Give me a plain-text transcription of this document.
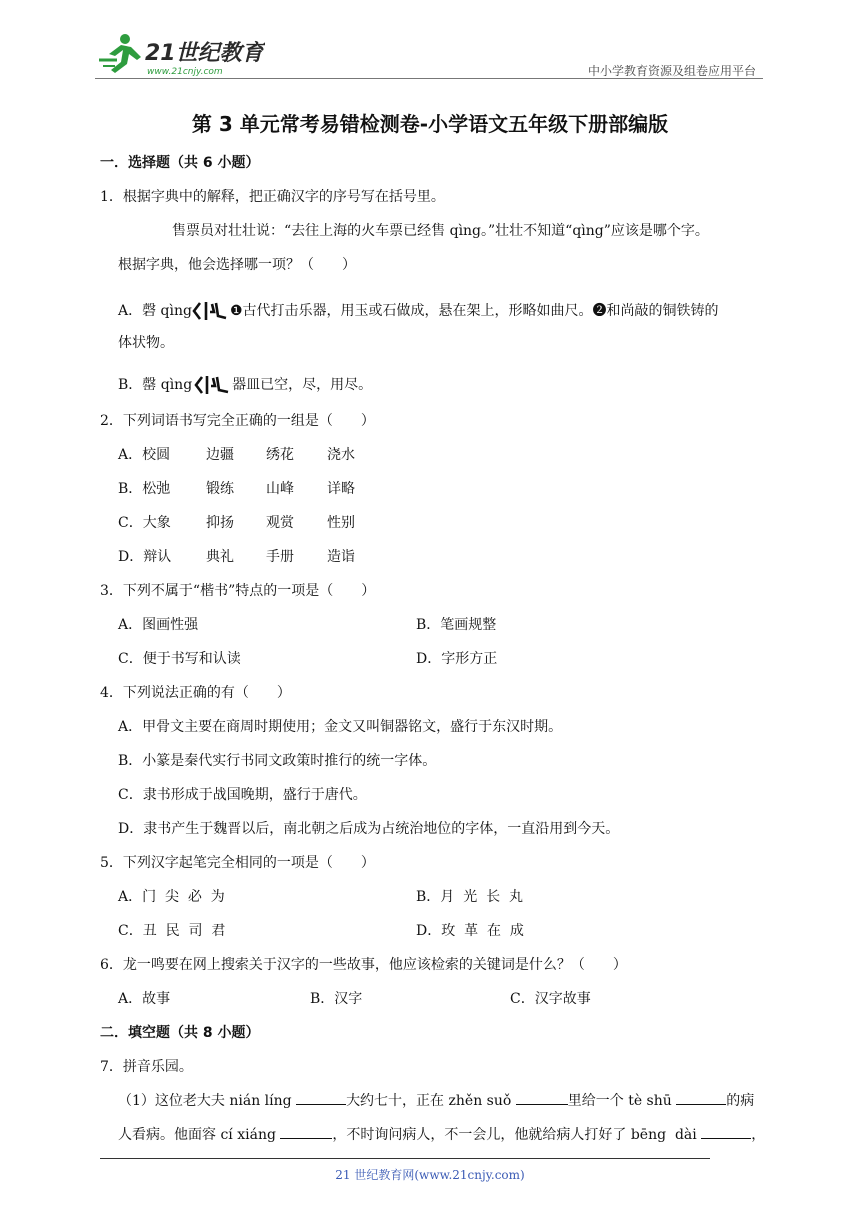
21世纪教育
www.21cnjy.com	中小学教育资源及组卷应用平台
第 3 单元常考易错检测卷-小学语文五年级下册部编版
一．选择题（共 6 小题）
1．根据字典中的解释，把正确汉字的序号写在括号里。
售票员对壮壮说：“去往上海的火车票已经售 qìng。”壮壮不知道“qìng”应该是哪个字。
根据字典，他会选择哪一项？（　　）
A．磬 qìng	❶古代打击乐器，用玉或石做成，悬在架上，形略如曲尺。❷和尚敲的铜铁铸的
体状物。
B．罄 qìng	器皿已空，尽，用尽。
2．下列词语书写完全正确的一组是（　　）
A．校圆	边疆 绣花 浇水
B．松弛	锻练 山峰 详略
C．大象	抑扬 观赏 性别
D．辩认 典礼 手册 造诣
3．下列不属于“楷书”特点的一项是（　　）
A．图画性强	B．笔画规整
C．便于书写和认读	D．字形方正
4．下列说法正确的有（　　）
A．甲骨文主要在商周时期使用；金文又叫铜器铭文，盛行于东汉时期。
B．小篆是秦代实行书同文政策时推行的统一字体。
C．隶书形成于战国晚期，盛行于唐代。
D．隶书产生于魏晋以后，南北朝之后成为占统治地位的字体，一直沿用到今天。
5．下列汉字起笔完全相同的一项是（　　）
A．门  尖  必  为	B．月  光  长  丸
C．丑  民  司  君	D．玫  革  在  成
6．龙一鸣要在网上搜索关于汉字的一些故事，他应该检索的关键词是什么？（　　）
A．故事	B．汉字	C．汉字故事
二．填空题（共 8 小题）
7．拼音乐园。
（1）这位老大夫 nián líng	大约七十，正在 zhěn suǒ	里给一个 tè shū	的病
人看病。他面容 cí xiáng	，不时询问病人，不一会儿，他就给病人打好了 bēng  dài	，
21 世纪教育网(www.21cnjy.com)
